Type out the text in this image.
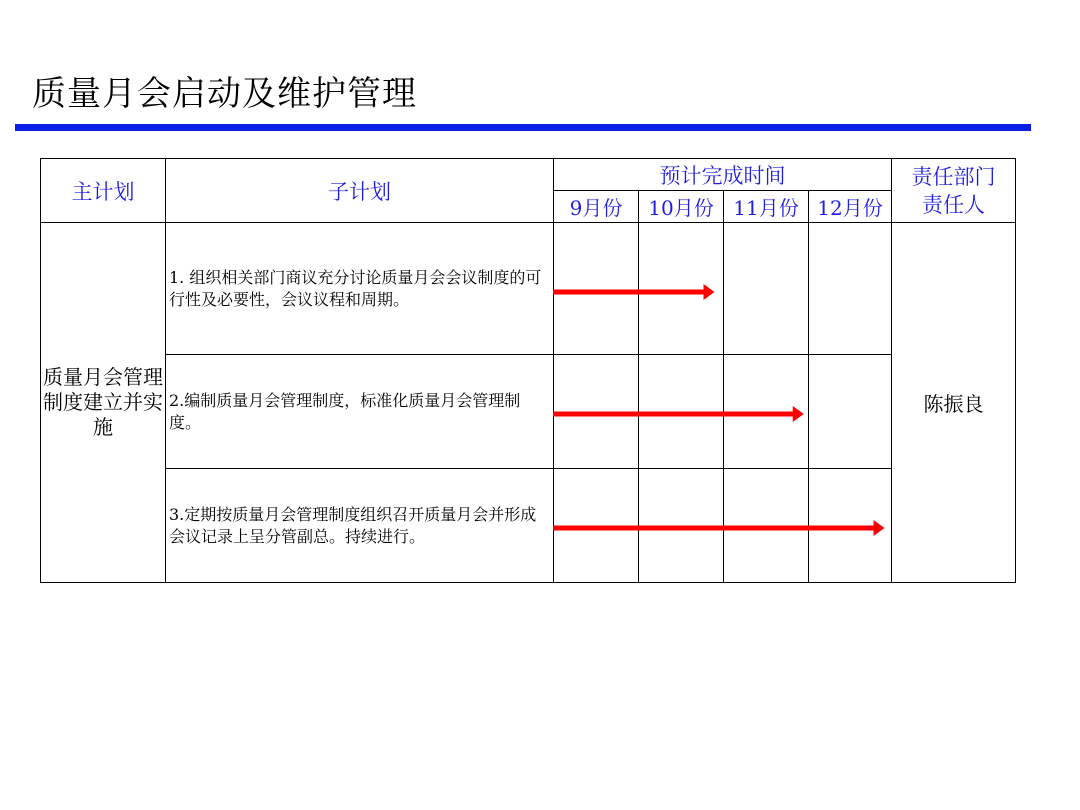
质量月会启动及维护管理
主计划	子计划
预计完成时间
9月份	10月份 11月份 12月份
责任部门
责任人
质量月会管理制度建立并实施
1. 组织相关部门商议充分讨论质量月会会议制度的可行性及必要性，会议议程和周期。
2.编制质量月会管理制度，标准化质量月会管理制度。
3.定期按质量月会管理制度组织召开质量月会并形成会议记录上呈分管副总。持续进行。
陈振良
